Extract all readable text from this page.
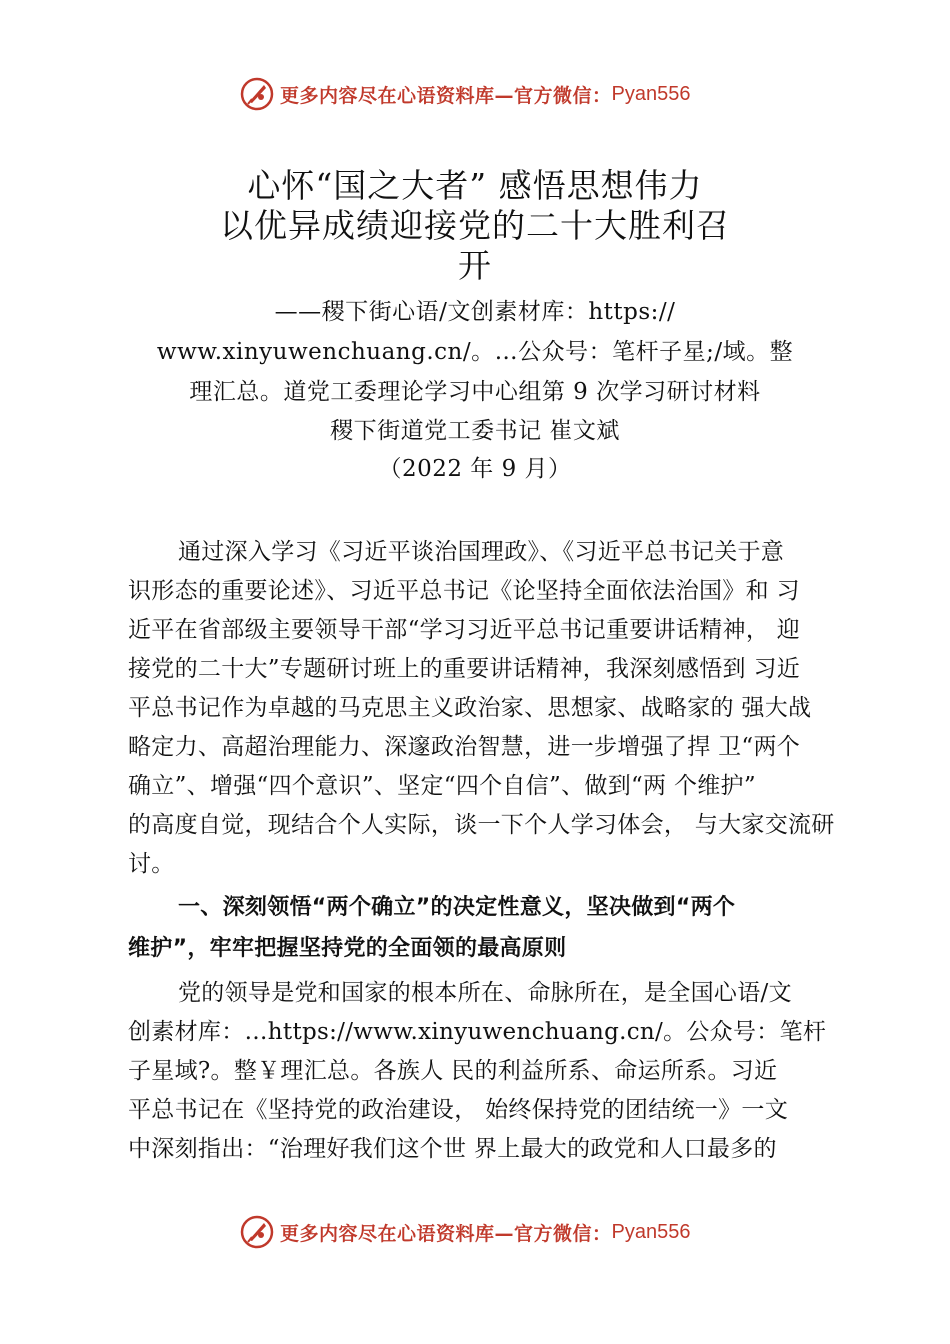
更多内容尽在心语资料库—官方微信： Pyan556
心怀“国之大者” 感悟思想伟力
以优异成绩迎接党的二十大胜利召
开
——稷下街心语/文创素材库：https://
www.xinyuwenchuang.cn/。…公众号：笔杆子星;/域。整
理汇总。道党工委理论学习中心组第 9 次学习研讨材料
稷下街道党工委书记 崔文斌
（2022 年 9 月）
通过深入学习《习近平谈治国理政》、《习近平总书记关于意
识形态的重要论述》、习近平总书记《论坚持全面依法治国》和 习
近平在省部级主要领导干部“学习习近平总书记重要讲话精神， 迎
接党的二十大”专题研讨班上的重要讲话精神，我深刻感悟到 习近
平总书记作为卓越的马克思主义政治家、思想家、战略家的 强大战
略定力、高超治理能力、深邃政治智慧，进一步增强了捍 卫“两个
确立”、增强“四个意识”、坚定“四个自信”、做到“两 个维护”
的高度自觉，现结合个人实际，谈一下个人学习体会， 与大家交流研
讨。
一、深刻领悟“两个确立”的决定性意义，坚决做到“两个
维护”，牢牢把握坚持党的全面领的最高原则
党的领导是党和国家的根本所在、命脉所在，是全国心语/文
创素材库：…https://www.xinyuwenchuang.cn/。公众号：笔杆
子星域?。整￥理汇总。各族人 民的利益所系、命运所系。习近
平总书记在《坚持党的政治建设， 始终保持党的团结统一》一文
中深刻指出：“治理好我们这个世 界上最大的政党和人口最多的
更多内容尽在心语资料库—官方微信： Pyan556
